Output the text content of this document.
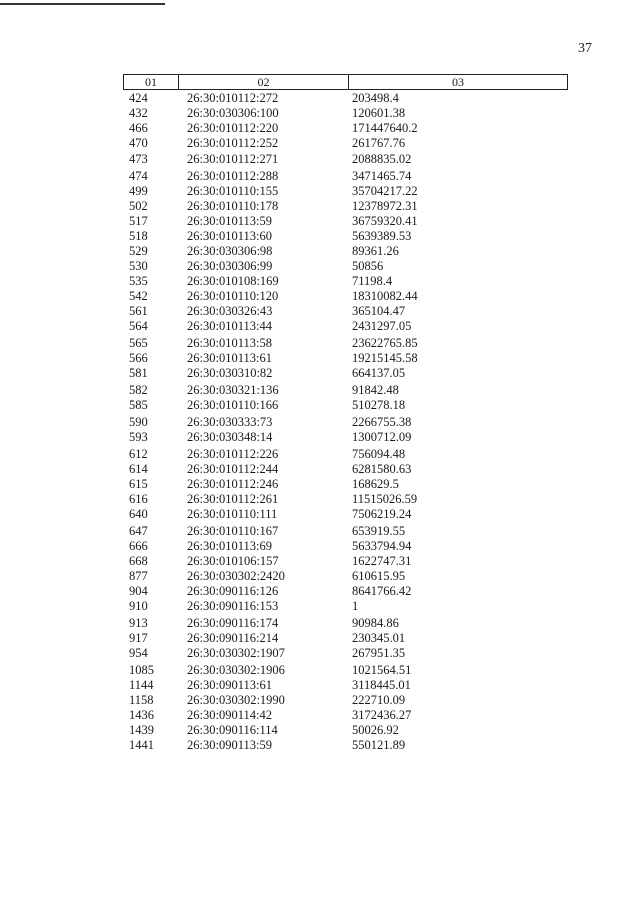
37
01	02	03
424	26:30:010112:272	203498.4
432	26:30:030306:100	120601.38
466	26:30:010112:220	171447640.2
470	26:30:010112:252	261767.76
473	26:30:010112:271	2088835.02
474	26:30:010112:288	3471465.74
499	26:30:010110:155	35704217.22
502	26:30:010110:178	12378972.31
517	26:30:010113:59	36759320.41
518	26:30:010113:60	5639389.53
529	26:30:030306:98	89361.26
530	26:30:030306:99	50856
535	26:30:010108:169	71198.4
542	26:30:010110:120	18310082.44
561	26:30:030326:43	365104.47
564	26:30:010113:44	2431297.05
565	26:30:010113:58	23622765.85
566	26:30:010113:61	19215145.58
581	26:30:030310:82	664137.05
582	26:30:030321:136	91842.48
585	26:30:010110:166	510278.18
590	26:30:030333:73	2266755.38
593	26:30:030348:14	1300712.09
612	26:30:010112:226	756094.48
614	26:30:010112:244	6281580.63
615	26:30:010112:246	168629.5
616	26:30:010112:261	11515026.59
640	26:30:010110:111	7506219.24
647	26:30:010110:167	653919.55
666	26:30:010113:69	5633794.94
668	26:30:010106:157	1622747.31
877	26:30:030302:2420	610615.95
904	26:30:090116:126	8641766.42
910	26:30:090116:153	1
913	26:30:090116:174	90984.86
917	26:30:090116:214	230345.01
954	26:30:030302:1907	267951.35
1085	26:30:030302:1906	1021564.51
1144	26:30:090113:61	3118445.01
1158	26:30:030302:1990	222710.09
1436	26:30:090114:42	3172436.27
1439	26:30:090116:114	50026.92
1441	26:30:090113:59	550121.89
